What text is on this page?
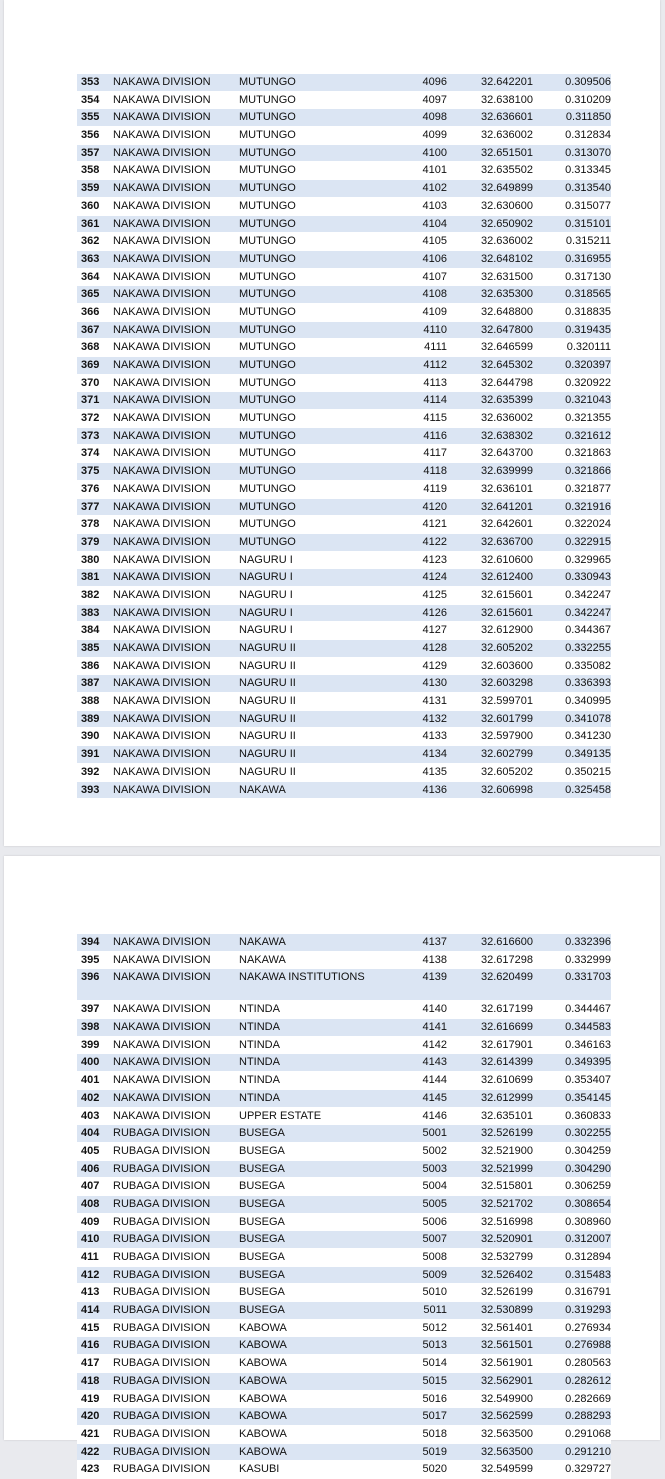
353	NAKAWA DIVISION	MUTUNGO	4096	32.642201	0.309506
354	NAKAWA DIVISION	MUTUNGO	4097	32.638100	0.310209
355	NAKAWA DIVISION	MUTUNGO	4098	32.636601	0.311850
356	NAKAWA DIVISION	MUTUNGO	4099	32.636002	0.312834
357	NAKAWA DIVISION	MUTUNGO	4100	32.651501	0.313070
358	NAKAWA DIVISION	MUTUNGO	4101	32.635502	0.313345
359	NAKAWA DIVISION	MUTUNGO	4102	32.649899	0.313540
360	NAKAWA DIVISION	MUTUNGO	4103	32.630600	0.315077
361	NAKAWA DIVISION	MUTUNGO	4104	32.650902	0.315101
362	NAKAWA DIVISION	MUTUNGO	4105	32.636002	0.315211
363	NAKAWA DIVISION	MUTUNGO	4106	32.648102	0.316955
364	NAKAWA DIVISION	MUTUNGO	4107	32.631500	0.317130
365	NAKAWA DIVISION	MUTUNGO	4108	32.635300	0.318565
366	NAKAWA DIVISION	MUTUNGO	4109	32.648800	0.318835
367	NAKAWA DIVISION	MUTUNGO	4110	32.647800	0.319435
368	NAKAWA DIVISION	MUTUNGO	4111	32.646599	0.320111
369	NAKAWA DIVISION	MUTUNGO	4112	32.645302	0.320397
370	NAKAWA DIVISION	MUTUNGO	4113	32.644798	0.320922
371	NAKAWA DIVISION	MUTUNGO	4114	32.635399	0.321043
372	NAKAWA DIVISION	MUTUNGO	4115	32.636002	0.321355
373	NAKAWA DIVISION	MUTUNGO	4116	32.638302	0.321612
374	NAKAWA DIVISION	MUTUNGO	4117	32.643700	0.321863
375	NAKAWA DIVISION	MUTUNGO	4118	32.639999	0.321866
376	NAKAWA DIVISION	MUTUNGO	4119	32.636101	0.321877
377	NAKAWA DIVISION	MUTUNGO	4120	32.641201	0.321916
378	NAKAWA DIVISION	MUTUNGO	4121	32.642601	0.322024
379	NAKAWA DIVISION	MUTUNGO	4122	32.636700	0.322915
380	NAKAWA DIVISION	NAGURU I	4123	32.610600	0.329965
381	NAKAWA DIVISION	NAGURU I	4124	32.612400	0.330943
382	NAKAWA DIVISION	NAGURU I	4125	32.615601	0.342247
383	NAKAWA DIVISION	NAGURU I	4126	32.615601	0.342247
384	NAKAWA DIVISION	NAGURU I	4127	32.612900	0.344367
385	NAKAWA DIVISION	NAGURU II	4128	32.605202	0.332255
386	NAKAWA DIVISION	NAGURU II	4129	32.603600	0.335082
387	NAKAWA DIVISION	NAGURU II	4130	32.603298	0.336393
388	NAKAWA DIVISION	NAGURU II	4131	32.599701	0.340995
389	NAKAWA DIVISION	NAGURU II	4132	32.601799	0.341078
390	NAKAWA DIVISION	NAGURU II	4133	32.597900	0.341230
391	NAKAWA DIVISION	NAGURU II	4134	32.602799	0.349135
392	NAKAWA DIVISION	NAGURU II	4135	32.605202	0.350215
393	NAKAWA DIVISION	NAKAWA	4136	32.606998	0.325458
394	NAKAWA DIVISION	NAKAWA	4137	32.616600	0.332396
395	NAKAWA DIVISION	NAKAWA	4138	32.617298	0.332999
396	NAKAWA DIVISION	NAKAWA INSTITUTIONS	4139	32.620499	0.331703
397	NAKAWA DIVISION	NTINDA	4140	32.617199	0.344467
398	NAKAWA DIVISION	NTINDA	4141	32.616699	0.344583
399	NAKAWA DIVISION	NTINDA	4142	32.617901	0.346163
400	NAKAWA DIVISION	NTINDA	4143	32.614399	0.349395
401	NAKAWA DIVISION	NTINDA	4144	32.610699	0.353407
402	NAKAWA DIVISION	NTINDA	4145	32.612999	0.354145
403	NAKAWA DIVISION	UPPER ESTATE	4146	32.635101	0.360833
404	RUBAGA DIVISION	BUSEGA	5001	32.526199	0.302255
405	RUBAGA DIVISION	BUSEGA	5002	32.521900	0.304259
406	RUBAGA DIVISION	BUSEGA	5003	32.521999	0.304290
407	RUBAGA DIVISION	BUSEGA	5004	32.515801	0.306259
408	RUBAGA DIVISION	BUSEGA	5005	32.521702	0.308654
409	RUBAGA DIVISION	BUSEGA	5006	32.516998	0.308960
410	RUBAGA DIVISION	BUSEGA	5007	32.520901	0.312007
411	RUBAGA DIVISION	BUSEGA	5008	32.532799	0.312894
412	RUBAGA DIVISION	BUSEGA	5009	32.526402	0.315483
413	RUBAGA DIVISION	BUSEGA	5010	32.526199	0.316791
414	RUBAGA DIVISION	BUSEGA	5011	32.530899	0.319293
415	RUBAGA DIVISION	KABOWA	5012	32.561401	0.276934
416	RUBAGA DIVISION	KABOWA	5013	32.561501	0.276988
417	RUBAGA DIVISION	KABOWA	5014	32.561901	0.280563
418	RUBAGA DIVISION	KABOWA	5015	32.562901	0.282612
419	RUBAGA DIVISION	KABOWA	5016	32.549900	0.282669
420	RUBAGA DIVISION	KABOWA	5017	32.562599	0.288293
421	RUBAGA DIVISION	KABOWA	5018	32.563500	0.291068
422	RUBAGA DIVISION	KABOWA	5019	32.563500	0.291210
423	RUBAGA DIVISION	KASUBI	5020	32.549599	0.329727
